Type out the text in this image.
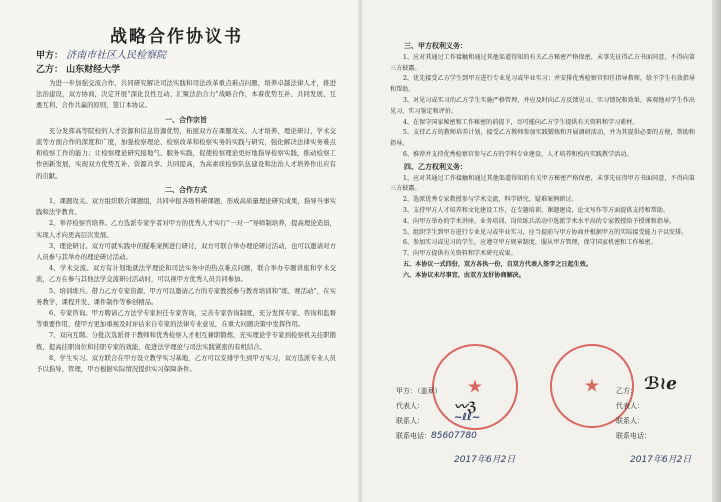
战略合作协议书
甲方： 济南市社区人民检察院
乙方： 山东财经大学

为进一步加强交流合作，共同研究解决司法实践和司法改革重点难点问题，培养卓越法律人才，推进法治建设，双方协商，决定开展“深化良性互动、汇聚法治合力”战略合作，本着优势互补、共同发展、互惠互利、合作共赢的原则，签订本协议。

一、合作宗旨

充分发挥高等院校的人才资源和信息资源优势，拓展双方在课题攻关、人才培养、理论研讨、学术交流等方面合作的深度和广度，加强检察理论、检察改革和检察实务的实践与研究，强化解决法律实务难点和检察工作的能力；让检察理论研究接地气、服务实践，促使检察理论更好地指导检察实践，推动检察工作创新发展，实现双方优势互补、资源共享、共同提高，为高素质检察队伍建设和法治人才培养作出应有的贡献。

二、合作方式

1、课题攻关。双方组织联合课题组，共同申报各级科研课题，形成高质量理论研究成果，指导当事实践和法学教育。

2、举荐检察官培养。乙方选派专家学者对甲方的优秀人才实行“一对一”导师制培养，提高理论造诣，实现人才向更高层次发展。

3、理论研讨。双方可就实践中的疑难案例进行研讨，双方可联合举办理论研讨活动，也可以邀请对方人员参与其举办的理论研讨活动。

4、学术交流。双方有计划地就法学理论和司法实务中的热点难点问题，联合举办专题讲座和学术交流，乙方在参与其他法学交流研讨活动时，可以视甲方优秀人员共同参加。

5、培训练兵。借力乙方专家资源，甲方可以邀请乙方的专家教授参与教育培训和“练、赛活动”，在实务教学、课程开发、课件制作等参创精品。

6、专家咨询。甲方聘请乙方法学专家担任专家咨询，完善专家咨询制度，充分发挥专家、咨询和监督等重要作用，使甲方更加重视及时评估来自专家的法律专业意见，在重大问题决策中发挥作用。

7、双向互聘。分批次选派骨干教师和优秀检察人才相互兼职锻炼，充实理论学专家到检察机关挂职锻炼，提高挂职岗位和挂职专家的效能，促进法学理论与司法实践紧密的有机结合。

8、学生实习。双方联合在甲方设立教学实习基地，乙方可以安排学生到甲方实习，双方选派专业人员予以指导、管理，甲方根据实际情况提供实习保障条件。

三、甲方权利义务：

1、应对其通过工作接触和通过其他渠道得知的有关乙方秘密严格保密，未事先征得乙方书面同意，不得向第三方披露。

2、优先接受乙方学生到甲方进行专业见习或毕业实习；并安排优秀检察官担任指导教师，给予学生有效指导和帮助。

3、对见习或实习的乙方学生实施严格管理，并应及时向乙方反馈见习、实习情况和效果，客观地对学生作出见习、实习鉴定和评价。

4、在保守国家秘密和工作秘密的前提下，尽可能向乙方学生提供有关资料和学习素材。

5、支持乙方的教师培养计划，接受乙方教师参加实践锻炼和开展调研活动，并为其提供必要的方便，帮助和指导。

6、推荐并支持优秀检察官参与乙方的学科专业建设、人才培养和校内实践教学活动。

四、乙方权利义务：

1、应对其通过工作接触和通过其他渠道得知的有关甲方秘密严格保密，未事先征得甲方书面同意，不得向第三方披露。

2、选派优秀专家教授参与学术交流、科学研究、疑难案例研讨。

3、支持甲方人才培养和文化建设工作，在专题培训、课题建设、论文写作等方面提供支持和帮助。

4、向甲方举办的学术讲座、业务培训、岗位练兵活动中选派学术水平高的专家教授给予授课和指导。

5、组织学生到甲方进行专业见习或毕业实习，应当提前与甲方协商并根据甲方的实际接受能力予以安排。

6、参加实习或见习的学生，应遵守甲方规章制度，服从甲方管理，保守国家机密和工作秘密。

7、向甲方提供有关资料和学术研究成果。

五、本协议一式四份，双方各执一份，自双方代表人签字之日起生效。

六、本协议未尽事宜，由双方友好协商解决。

★	★
甲方：（盖章）
代表人：
联系人：
联系电话：85607780
〰ℨ
~ℓℓ~
2017年6月2日
乙方：
代表人：
联系人：
联系电话：
ℬ≀ℯ
2017年6月2日
